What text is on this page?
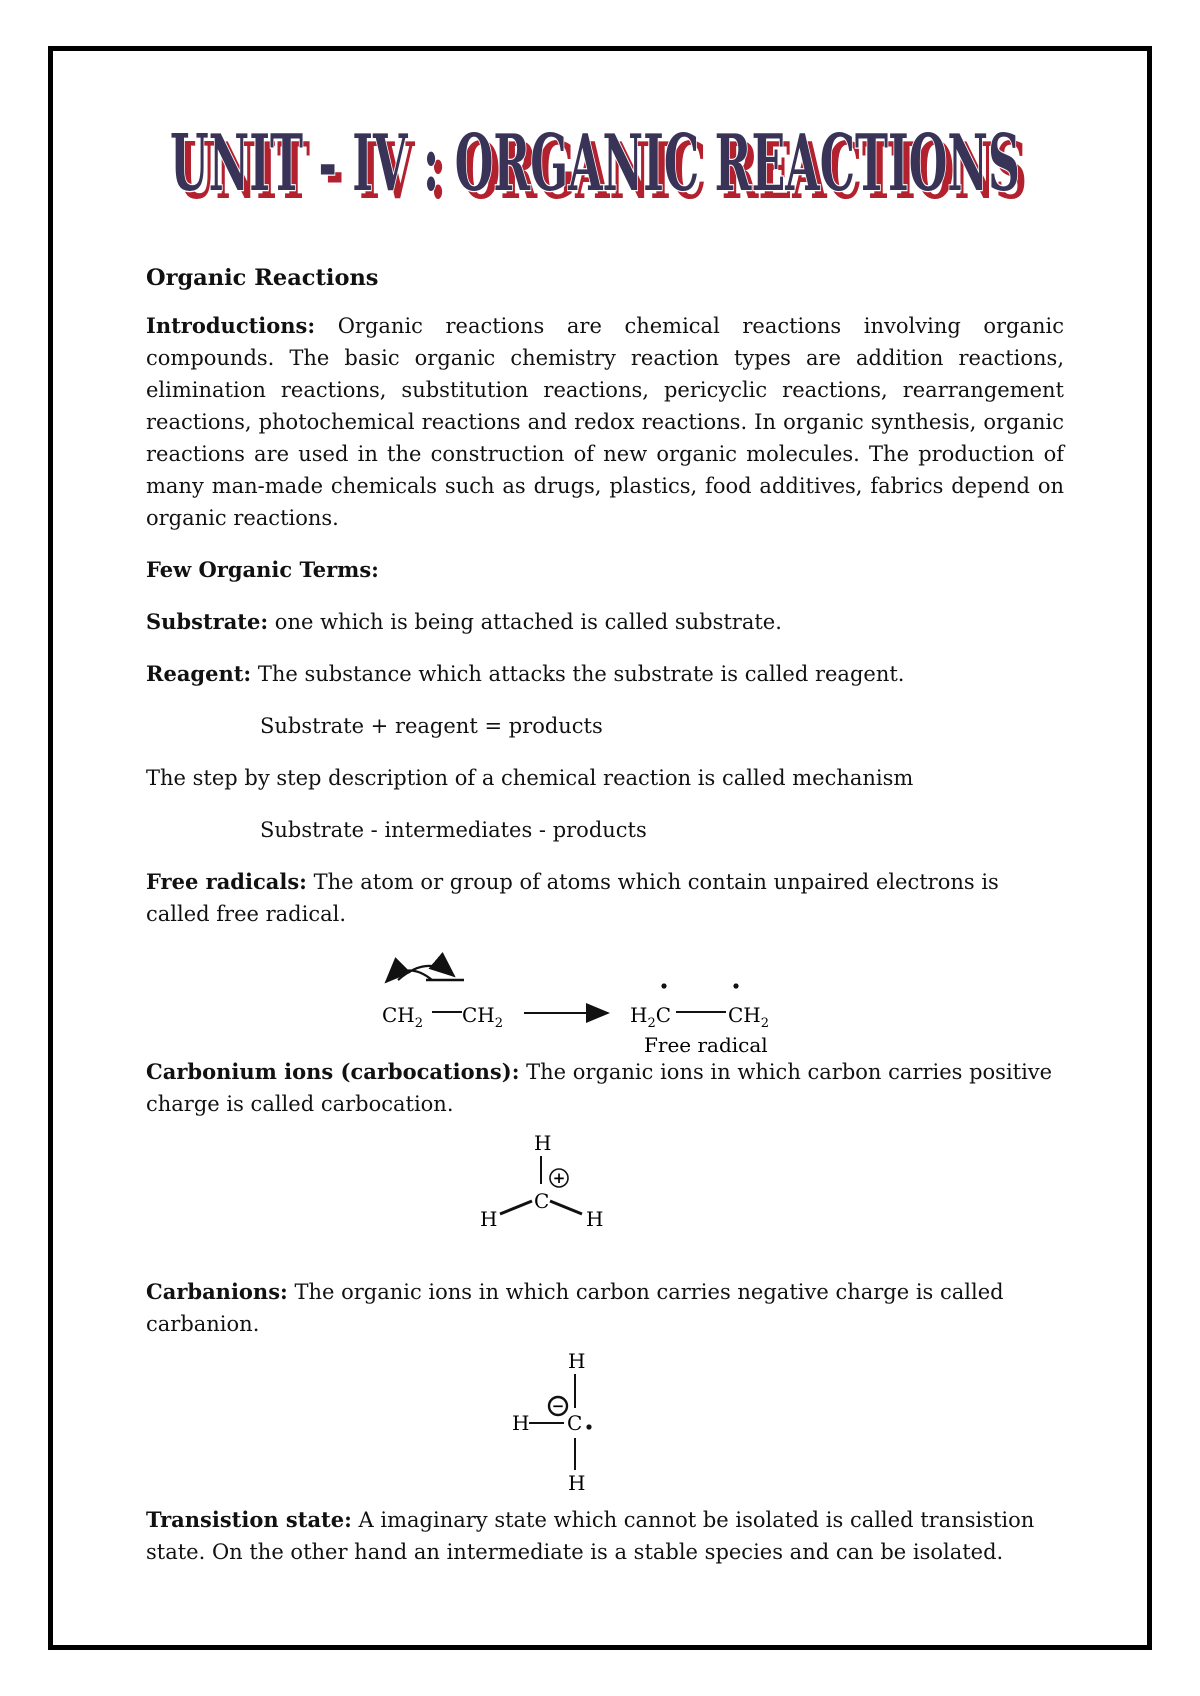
UNIT - IV : ORGANIC REACTIONS
UNIT - IV : ORGANIC REACTIONS

Organic Reactions

Introductions: Organic reactions are chemical reactions involving organic compounds. The basic organic chemistry reaction types are addition reactions, elimination reactions, substitution reactions, pericyclic reactions, rearrangement reactions, photochemical reactions and redox reactions. In organic synthesis, organic reactions are used in the construction of new organic molecules. The production of many man-made chemicals such as drugs, plastics, food additives, fabrics depend on organic reactions.

Few Organic Terms:

Substrate: one which is being attached is called substrate.

Reagent: The substance which attacks the substrate is called reagent.

Substrate + reagent = products

The step by step description of a chemical reaction is called mechanism

Substrate - intermediates - products

Free radicals: The atom or group of atoms which contain unpaired electrons is called free radical.

$CH_2$ $CH_2$	$H_2C$	$CH_2$
Free radical

Carbonium ions (carbocations): The organic ions in which carbon carries positive charge is called carbocation.

H
+
C
H	H

Carbanions: The organic ions in which carbon carries negative charge is called carbanion.

H
−
H C
H

Transistion state: A imaginary state which cannot be isolated is called transistion state. On the other hand an intermediate is a stable species and can be isolated.
